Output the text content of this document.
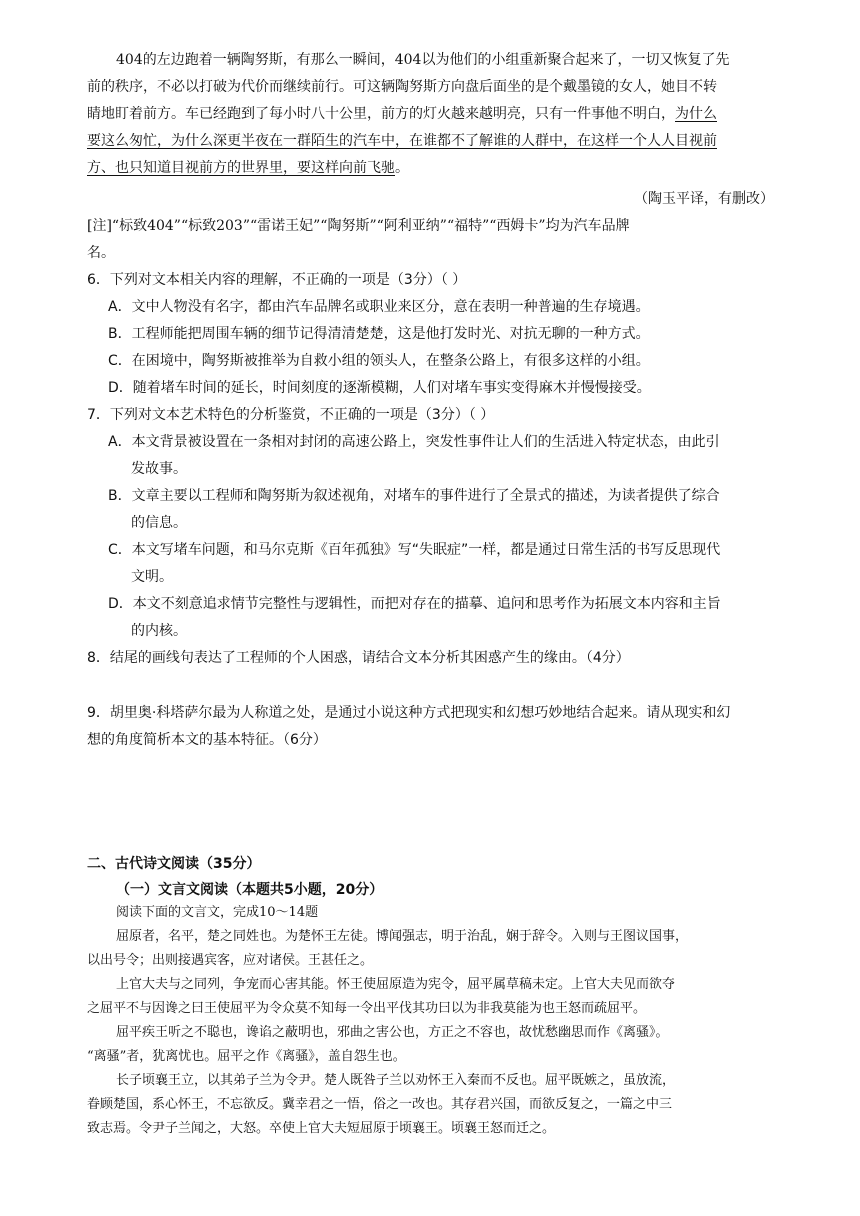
404的左边跑着一辆陶努斯，有那么一瞬间，404以为他们的小组重新聚合起来了，一切又恢复了先
前的秩序，不必以打破为代价而继续前行。可这辆陶努斯方向盘后面坐的是个戴墨镜的女人，她目不转
睛地盯着前方。车已经跑到了每小时八十公里，前方的灯火越来越明亮，只有一件事他不明白，为什么
要这么匆忙，为什么深更半夜在一群陌生的汽车中，在谁都不了解谁的人群中，在这样一个人人目视前
方、也只知道目视前方的世界里，要这样向前飞驰。
（陶玉平译，有删改）
[注]“标致404”“标致203”“雷诺王妃”“陶努斯”“阿利亚纳”“福特”“西姆卡”均为汽车品牌
名。
6．下列对文本相关内容的理解，不正确的一项是（3分）（ ）
A．文中人物没有名字，都由汽车品牌名或职业来区分，意在表明一种普遍的生存境遇。
B．工程师能把周围车辆的细节记得清清楚楚，这是他打发时光、对抗无聊的一种方式。
C．在困境中，陶努斯被推举为自救小组的领头人，在整条公路上，有很多这样的小组。
D．随着堵车时间的延长，时间刻度的逐渐模糊，人们对堵车事实变得麻木并慢慢接受。
7．下列对文本艺术特色的分析鉴赏，不正确的一项是（3分）（ ）
A．本文背景被设置在一条相对封闭的高速公路上，突发性事件让人们的生活进入特定状态，由此引
发故事。
B．文章主要以工程师和陶努斯为叙述视角，对堵车的事件进行了全景式的描述，为读者提供了综合
的信息。
C．本文写堵车问题，和马尔克斯《百年孤独》写“失眠症”一样，都是通过日常生活的书写反思现代
文明。
D．本文不刻意追求情节完整性与逻辑性，而把对存在的描摹、追问和思考作为拓展文本内容和主旨
的内核。
8．结尾的画线句表达了工程师的个人困惑，请结合文本分析其困惑产生的缘由。（4分）
9．胡里奥·科塔萨尔最为人称道之处，是通过小说这种方式把现实和幻想巧妙地结合起来。请从现实和幻
想的角度简析本文的基本特征。（6分）
二、古代诗文阅读（35分）
（一）文言文阅读（本题共5小题，20分）
阅读下面的文言文，完成10～14题
屈原者，名平，楚之同姓也。为楚怀王左徒。博闻强志，明于治乱，娴于辞令。入则与王图议国事，
以出号令；出则接遇宾客，应对诸侯。王甚任之。
上官大夫与之同列，争宠而心害其能。怀王使屈原造为宪令，屈平属草稿未定。上官大夫见而欲夺
之屈平不与因谗之曰王使屈平为令众莫不知每一令出平伐其功曰以为非我莫能为也王怒而疏屈平。
屈平疾王听之不聪也，谗谄之蔽明也，邪曲之害公也，方正之不容也，故忧愁幽思而作《离骚》。
“离骚”者，犹离忧也。屈平之作《离骚》，盖自怨生也。
长子顷襄王立，以其弟子兰为令尹。楚人既咎子兰以劝怀王入秦而不反也。屈平既嫉之，虽放流，
眷顾楚国，系心怀王，不忘欲反。冀幸君之一悟，俗之一改也。其存君兴国，而欲反复之，一篇之中三
致志焉。令尹子兰闻之，大怒。卒使上官大夫短屈原于顷襄王。顷襄王怒而迁之。
